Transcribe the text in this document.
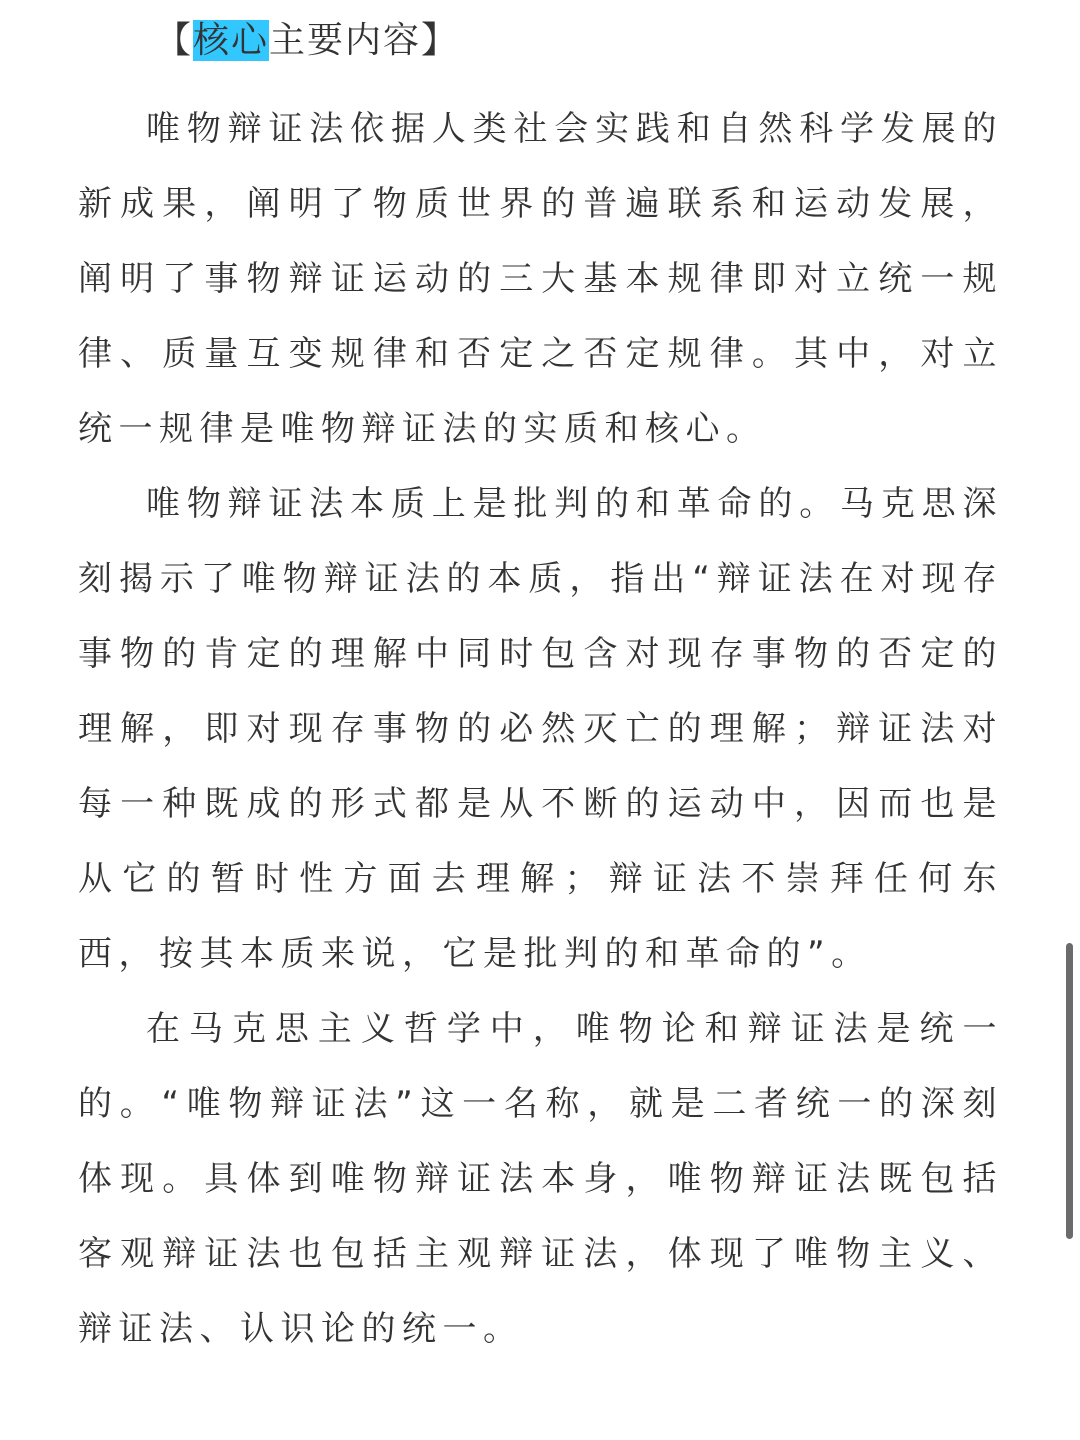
【核心主要内容】

唯物辩证法依据人类社会实践和自然科学发展的新成果，阐明了物质世界的普遍联系和运动发展，阐明了事物辩证运动的三大基本规律即对立统一规律、质量互变规律和否定之否定规律。其中，对立统一规律是唯物辩证法的实质和核心。

唯物辩证法本质上是批判的和革命的。马克思深刻揭示了唯物辩证法的本质，指出“辩证法在对现存事物的肯定的理解中同时包含对现存事物的否定的理解，即对现存事物的必然灭亡的理解；辩证法对每一种既成的形式都是从不断的运动中，因而也是从它的暂时性方面去理解；辩证法不崇拜任何东西，按其本质来说，它是批判的和革命的”。

在马克思主义哲学中，唯物论和辩证法是统一的。“唯物辩证法”这一名称，就是二者统一的深刻体现。具体到唯物辩证法本身，唯物辩证法既包括客观辩证法也包括主观辩证法，体现了唯物主义、辩证法、认识论的统一。
